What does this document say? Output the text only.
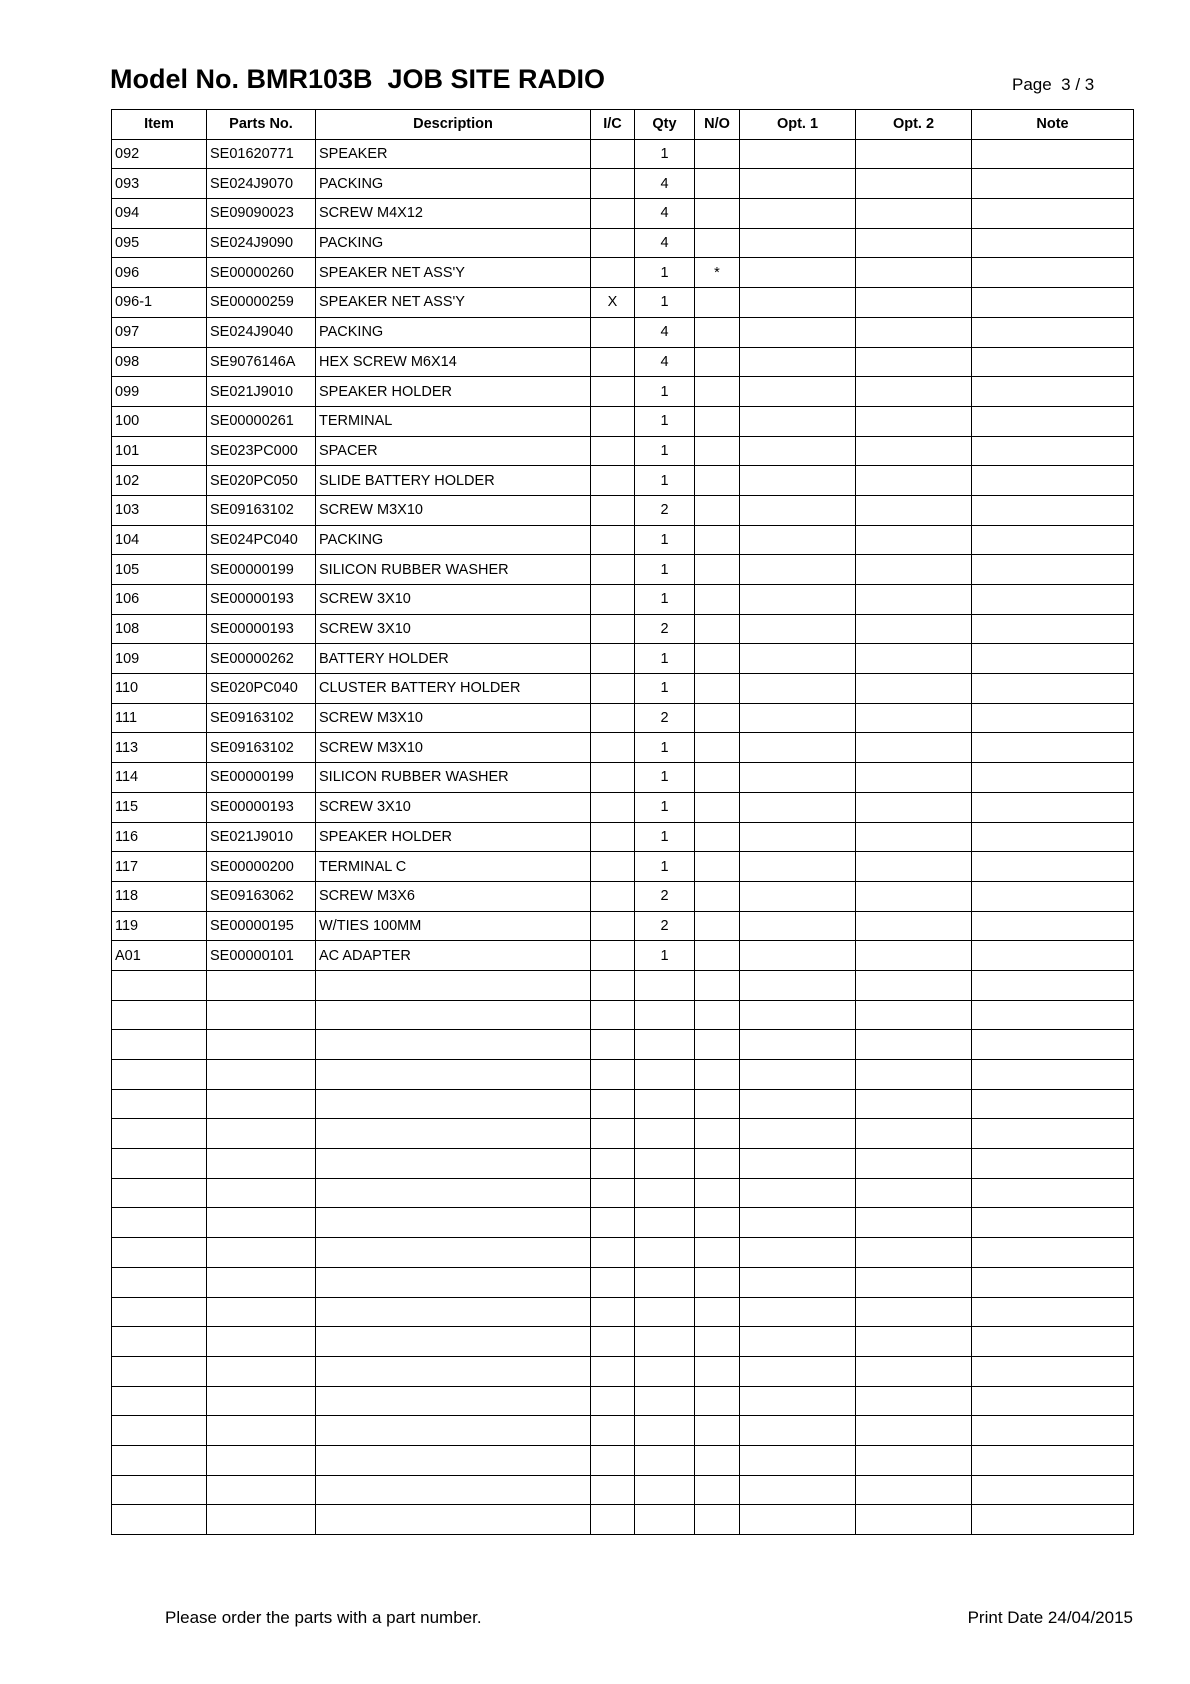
Model No. BMR103B  JOB SITE RADIO	Page  3 / 3
Item	Parts No.	Description	I/C	Qty	N/O	Opt. 1	Opt. 2	Note
092	SE01620771	SPEAKER		1				
093	SE024J9070	PACKING		4				
094	SE09090023	SCREW M4X12		4				
095	SE024J9090	PACKING		4				
096	SE00000260	SPEAKER NET ASS'Y		1	*			
096-1	SE00000259	SPEAKER NET ASS'Y	X	1				
097	SE024J9040	PACKING		4				
098	SE9076146A	HEX SCREW M6X14		4				
099	SE021J9010	SPEAKER HOLDER		1				
100	SE00000261	TERMINAL		1				
101	SE023PC000	SPACER		1				
102	SE020PC050	SLIDE BATTERY HOLDER		1				
103	SE09163102	SCREW M3X10		2				
104	SE024PC040	PACKING		1				
105	SE00000199	SILICON RUBBER WASHER		1				
106	SE00000193	SCREW 3X10		1				
108	SE00000193	SCREW 3X10		2				
109	SE00000262	BATTERY HOLDER		1				
110	SE020PC040	CLUSTER BATTERY HOLDER		1				
111	SE09163102	SCREW M3X10		2				
113	SE09163102	SCREW M3X10		1				
114	SE00000199	SILICON RUBBER WASHER		1				
115	SE00000193	SCREW 3X10		1				
116	SE021J9010	SPEAKER HOLDER		1				
117	SE00000200	TERMINAL C		1				
118	SE09163062	SCREW M3X6		2				
119	SE00000195	W/TIES 100MM		2				
A01	SE00000101	AC ADAPTER		1				

Please order the parts with a part number.	Print Date 24/04/2015
